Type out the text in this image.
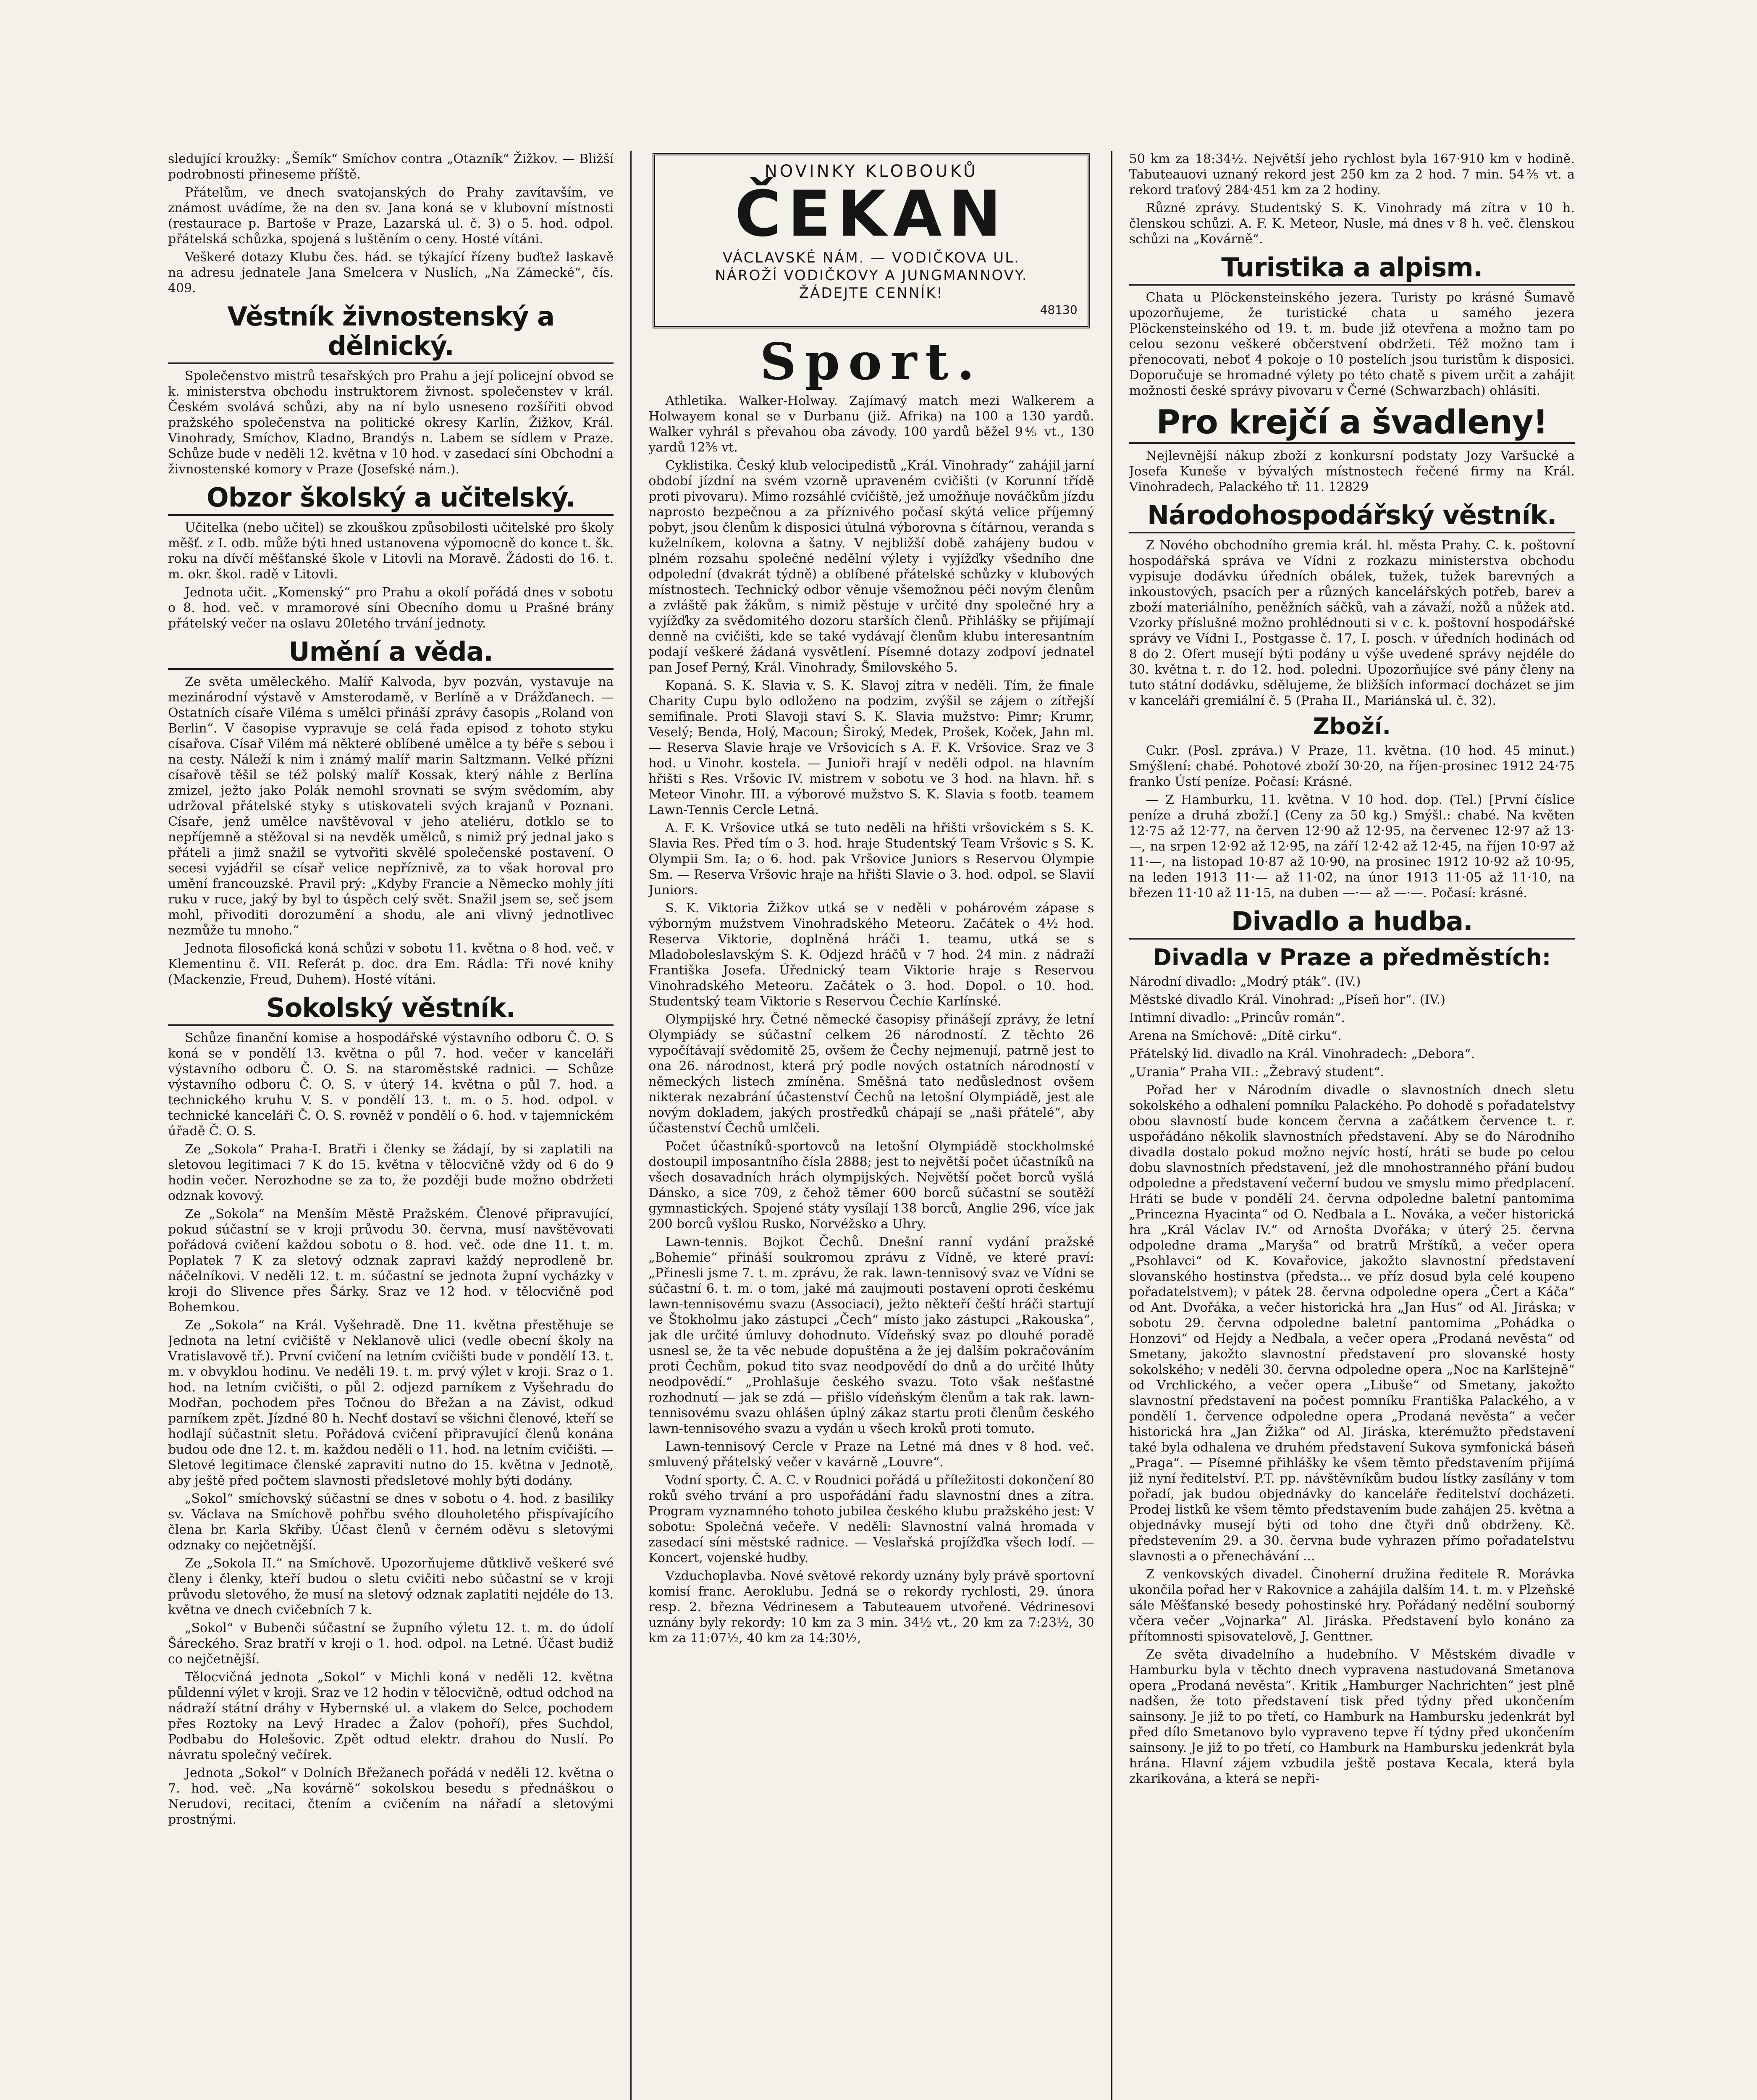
sledující kroužky: „Šemík“ Smíchov contra „Otazník“ Žižkov. — Bližší podrobnosti přineseme příště.

Přátelům, ve dnech svatojanských do Prahy zavítavším, ve známost uvádíme, že na den sv. Jana koná se v klubovní místnosti (restaurace p. Bartoše v Praze, Lazarská ul. č. 3) o 5. hod. odpol. přátelská schůzka, spojená s luštěním o ceny. Hosté vítáni.

Veškeré dotazy Klubu čes. hád. se týkající řízeny buďtež laskavě na adresu jednatele Jana Smelcera v Nuslích, „Na Zámecké“, čís. 409.

Věstník živnostenský a dělnický.

Společenstvo mistrů tesařských pro Prahu a její policejní obvod se k. ministerstva obchodu instruktorem živnost. společenstev v král. Českém svolává schůzi, aby na ní bylo usneseno rozšířiti obvod pražského společenstva na politické okresy Karlín, Žižkov, Král. Vinohrady, Smíchov, Kladno, Brandýs n. Labem se sídlem v Praze. Schůze bude v neděli 12. května v 10 hod. v zasedací síni Obchodní a živnostenské komory v Praze (Josefské nám.).

Obzor školský a učitelský.

Učitelka (nebo učitel) se zkouškou způsobilosti učitelské pro školy měšť. z I. odb. může býti hned ustanovena výpomocně do konce t. šk. roku na dívčí měšťanské škole v Litovli na Moravě. Žádosti do 16. t. m. okr. škol. radě v Litovli.

Jednota učit. „Komenský“ pro Prahu a okolí pořádá dnes v sobotu o 8. hod. več. v mramorové síni Obecního domu u Prašné brány přátelský večer na oslavu 20letého trvání jednoty.

Umění a věda.

Ze světa uměleckého. Malíř Kalvoda, byv pozván, vystavuje na mezinárodní výstavě v Amsterodamě, v Berlíně a v Drážďanech. — Ostatních císaře Viléma s umělci přináší zprávy časopis „Roland von Berlin“. V časopise vypravuje se celá řada episod z tohoto styku císařova. Císař Vilém má některé oblíbené umělce a ty béře s sebou i na cesty. Náleží k nim i známý malíř marin Saltzmann. Velké přízni císařově těšil se též polský malíř Kossak, který náhle z Berlína zmizel, ježto jako Polák nemohl srovnati se svým svědomím, aby udržoval přátelské styky s utiskovateli svých krajanů v Poznani. Císaře, jenž umělce navštěvoval v jeho ateliéru, dotklo se to nepříjemně a stěžoval si na nevděk umělců, s nimiž prý jednal jako s přáteli a jimž snažil se vytvořiti skvělé společenské postavení. O secesi vyjádřil se císař velice nepříznivě, za to však horoval pro umění francouzské. Pravil prý: „Kdyby Francie a Německo mohly jíti ruku v ruce, jaký by byl to úspěch celý svět. Snažil jsem se, seč jsem mohl, přivoditi dorozumění a shodu, ale ani vlivný jednotlivec nezmůže tu mnoho.“

Jednota filosofická koná schůzi v sobotu 11. května o 8 hod. več. v Klementinu č. VII. Referát p. doc. dra Em. Rádla: Tři nové knihy (Mackenzie, Freud, Duhem). Hosté vítáni.

Sokolský věstník.

Schůze finanční komise a hospodářské výstavního odboru Č. O. S koná se v pondělí 13. května o půl 7. hod. večer v kanceláři výstavního odboru Č. O. S. na staroměstské radnici. — Schůze výstavního odboru Č. O. S. v úterý 14. května o půl 7. hod. a technického kruhu V. S. v pondělí 13. t. m. o 5. hod. odpol. v technické kanceláři Č. O. S. rovněž v pondělí o 6. hod. v tajemnickém úřadě Č. O. S.

Ze „Sokola“ Praha-I. Bratři i členky se žádají, by si zaplatili na sletovou legitimaci 7 K do 15. května v tělocvičně vždy od 6 do 9 hodin večer. Nerozhodne se za to, že později bude možno obdržeti odznak kovový.

Ze „Sokola“ na Menším Městě Pražském. Členové připravující, pokud súčastní se v kroji průvodu 30. června, musí navštěvovati pořádová cvičení každou sobotu o 8. hod. več. ode dne 11. t. m. Poplatek 7 K za sletový odznak zapravi každý neprodleně br. náčelníkovi. V neděli 12. t. m. súčastní se jednota župní vycházky v kroji do Slivence přes Šárky. Sraz ve 12 hod. v tělocvičně pod Bohemkou.

Ze „Sokola“ na Král. Vyšehradě. Dne 11. května přestěhuje se Jednota na letní cvičiště v Neklanově ulici (vedle obecní školy na Vratislavově tř.). První cvičení na letním cvičišti bude v pondělí 13. t. m. v obvyklou hodinu. Ve neděli 19. t. m. prvý výlet v kroji. Sraz o 1. hod. na letním cvičišti, o půl 2. odjezd parníkem z Vyšehradu do Modřan, pochodem přes Točnou do Břežan a na Závist, odkud parníkem zpět. Jízdné 80 h. Nechť dostaví se všichni členové, kteří se hodlají súčastnit sletu. Pořádová cvičení připravující členů konána budou ode dne 12. t. m. každou neděli o 11. hod. na letním cvičišti. — Sletové legitimace členské zapraviti nutno do 15. května v Jednotě, aby ještě před počtem slavnosti předsletové mohly býti dodány.

„Sokol“ smíchovský súčastní se dnes v sobotu o 4. hod. z basiliky sv. Václava na Smíchově pohřbu svého dlouholetého přispívajícího člena br. Karla Skřiby. Účast členů v černém oděvu s sletovými odznaky co nejčetnější.

Ze „Sokola II.“ na Smíchově. Upozorňujeme důtklivě veškeré své členy i členky, kteří budou o sletu cvičiti nebo súčastní se v kroji průvodu sletového, že musí na sletový odznak zaplatiti nejdéle do 13. května ve dnech cvičebních 7 k.

„Sokol“ v Bubenči súčastní se župního výletu 12. t. m. do údolí Šáreckého. Sraz bratří v kroji o 1. hod. odpol. na Letné. Účast budiž co nejčetnější.

Tělocvičná jednota „Sokol“ v Michli koná v neděli 12. května půldenní výlet v kroji. Sraz ve 12 hodin v tělocvičně, odtud odchod na nádraží státní dráhy v Hybernské ul. a vlakem do Selce, pochodem přes Roztoky na Levý Hradec a Žalov (pohoří), přes Suchdol, Podbabu do Holešovic. Zpět odtud elektr. drahou do Nuslí. Po návratu společný večírek.

Jednota „Sokol“ v Dolních Břežanech pořádá v neděli 12. května o 7. hod. več. „Na kovárně“ sokolskou besedu s přednáškou o Nerudovi, recitaci, čtením a cvičením na nářadí a sletovými prostnými.

NOVINKY KLOBOUKŮ
ČEKAN
VÁCLAVSKÉ NÁM. — VODIČKOVA UL.
NÁROŽÍ VODIČKOVY A JUNGMANNOVY.
ŽÁDEJTE CENNÍK!
48130
Sport.

Athletika. Walker-Holway. Zajímavý match mezi Walkerem a Holwayem konal se v Durbanu (již. Afrika) na 100 a 130 yardů. Walker vyhrál s převahou oba závody. 100 yardů běžel 9⅘ vt., 130 yardů 12⅗ vt.

Cyklistika. Český klub velocipedistů „Král. Vinohrady“ zahájil jarní období jízdní na svém vzorně upraveném cvičišti (v Korunní třídě proti pivovaru). Mimo rozsáhlé cvičiště, jež umožňuje nováčkům jízdu naprosto bezpečnou a za příznivého počasí skýtá velice příjemný pobyt, jsou členům k disposici útulná výborovna s čítárnou, veranda s kuželníkem, kolovna a šatny. V nejbližší době zahájeny budou v plném rozsahu společné nedělní výlety i vyjížďky všedního dne odpolední (dvakrát týdně) a oblíbené přátelské schůzky v klubových místnostech. Technický odbor věnuje všemožnou péči novým členům a zvláště pak žákům, s nimiž pěstuje v určité dny společné hry a vyjížďky za svědomitého dozoru starších členů. Přihlášky se přijímají denně na cvičišti, kde se také vydávají členům klubu interesantním podají veškeré žádaná vysvětlení. Písemné dotazy zodpoví jednatel pan Josef Perný, Král. Vinohrady, Šmilovského 5.

Kopaná. S. K. Slavia v. S. K. Slavoj zítra v neděli. Tím, že finale Charity Cupu bylo odloženo na podzim, zvýšil se zájem o zítřejší semifinale. Proti Slavoji staví S. K. Slavia mužstvo: Pimr; Krumr, Veselý; Benda, Holý, Macoun; Široký, Medek, Prošek, Koček, Jahn ml. — Reserva Slavie hraje ve Vršovicích s A. F. K. Vršovice. Sraz ve 3 hod. u Vinohr. kostela. — Junioři hrají v neděli odpol. na hlavním hřišti s Res. Vršovic IV. mistrem v sobotu ve 3 hod. na hlavn. hř. s Meteor Vinohr. III. a výborové mužstvo S. K. Slavia s footb. teamem Lawn-Tennis Cercle Letná.

A. F. K. Vršovice utká se tuto neděli na hřišti vršovickém s S. K. Slavia Res. Před tím o 3. hod. hraje Studentský Team Vršovic s S. K. Olympii Sm. Ia; o 6. hod. pak Vršovice Juniors s Reservou Olympie Sm. — Reserva Vršovic hraje na hřišti Slavie o 3. hod. odpol. se Slavií Juniors.

S. K. Viktoria Žižkov utká se v neděli v pohárovém zápase s výborným mužstvem Vinohradského Meteoru. Začátek o 4½ hod. Reserva Viktorie, doplněná hráči 1. teamu, utká se s Mladoboleslavským S. K. Odjezd hráčů v 7 hod. 24 min. z nádraží Františka Josefa. Úřednický team Viktorie hraje s Reservou Vinohradského Meteoru. Začátek o 3. hod. Dopol. o 10. hod. Studentský team Viktorie s Reservou Čechie Karlínské.

Olympijské hry. Četné německé časopisy přinášejí zprávy, že letní Olympiády se súčastní celkem 26 národností. Z těchto 26 vypočítávají svědomitě 25, ovšem že Čechy nejmenují, patrně jest to ona 26. národnost, která prý podle nových ostatních národností v německých listech zmíněna. Směšná tato nedůslednost ovšem nikterak nezabrání účastenství Čechů na letošní Olympiádě, jest ale novým dokladem, jakých prostředků chápají se „naši přátelé“, aby účastenství Čechů umlčeli.

Počet účastníků-sportovců na letošní Olympiádě stockholmské dostoupil imposantního čísla 2888; jest to největší počet účastníků na všech dosavadních hrách olympijských. Největší počet borců vyšlá Dánsko, a sice 709, z čehož těmer 600 borců súčastní se soutěží gymnastických. Spojené státy vysílají 138 borců, Anglie 296, více jak 200 borců vyšlou Rusko, Norvéžsko a Uhry.

Lawn-tennis. Bojkot Čechů. Dnešní ranní vydání pražské „Bohemie“ přináší soukromou zprávu z Vídně, ve které praví: „Přinesli jsme 7. t. m. zprávu, že rak. lawn-tennisový svaz ve Vídni se súčastní 6. t. m. o tom, jaké má zaujmouti postavení oproti českému lawn-tennisovému svazu (Associaci), ježto někteří čeští hráči startují ve Štokholmu jako zástupci „Čech“ místo jako zástupci „Rakouska“, jak dle určité úmluvy dohodnuto. Vídeňský svaz po dlouhé poradě usnesl se, že ta věc nebude dopuštěna a že jej dalším pokračováním proti Čechům, pokud tito svaz neodpovědí do dnů a do určité lhůty neodpovědí.“ „Prohlašuje českého svazu. Toto však nešťastné rozhodnutí — jak se zdá — přišlo vídeňským členům a tak rak. lawn-tennisovému svazu ohlášen úplný zákaz startu proti členům českého lawn-tennisového svazu a vydán u všech kroků proti tomuto.

Lawn-tennisový Cercle v Praze na Letné má dnes v 8 hod. več. smluvený přátelský večer v kavárně „Louvre“.

Vodní sporty. Č. A. C. v Roudnici pořádá u příležitosti dokončení 80 roků svého trvání a pro uspořádání řadu slavnostní dnes a zítra. Program vyznamného tohoto jubilea českého klubu pražského jest: V sobotu: Společná večeře. V neděli: Slavnostní valná hromada v zasedací síni městské radnice. — Veslařská projížďka všech lodí. — Koncert, vojenské hudby.

Vzduchoplavba. Nové světové rekordy uznány byly právě sportovní komisí franc. Aeroklubu. Jedná se o rekordy rychlosti, 29. února resp. 2. března Védrinesem a Tabuteauem utvořené. Védrinesovi uznány byly rekordy: 10 km za 3 min. 34½ vt., 20 km za 7:23½, 30 km za 11:07½, 40 km za 14:30½,

50 km za 18:34½. Největší jeho rychlost byla 167·910 km v hodině. Tabuteauovi uznaný rekord jest 250 km za 2 hod. 7 min. 54⅖ vt. a rekord traťový 284·451 km za 2 hodiny.

Různé zprávy. Studentský S. K. Vinohrady má zítra v 10 h. členskou schůzi. A. F. K. Meteor, Nusle, má dnes v 8 h. več. členskou schůzi na „Kovárně“.

Turistika a alpism.

Chata u Plöckensteinského jezera. Turisty po krásné Šumavě upozorňujeme, že turistické chata u samého jezera Plöckensteinského od 19. t. m. bude již otevřena a možno tam po celou sezonu veškeré občerstvení obdržeti. Též možno tam i přenocovati, neboť 4 pokoje o 10 postelích jsou turistům k disposici. Doporučuje se hromadné výlety po této chatě s pivem určit a zahájit možnosti české správy pivovaru v Černé (Schwarzbach) ohlásiti.

Pro krejčí a švadleny!

Nejlevnější nákup zboží z konkursní podstaty Jozy Varšucké a Josefa Kuneše v bývalých místnostech řečené firmy na Král. Vinohradech, Palackého tř. 11. 12829

Národohospodářský věstník.

Z Nového obchodního gremia král. hl. města Prahy. C. k. poštovní hospodářská správa ve Vídni z rozkazu ministerstva obchodu vypisuje dodávku úředních obálek, tužek, tužek barevných a inkoustových, psacích per a různých kancelářských potřeb, barev a zboží materiálního, peněžních sáčků, vah a závaží, nožů a nůžek atd. Vzorky příslušné možno prohlédnouti si v c. k. poštovní hospodářské správy ve Vídni I., Postgasse č. 17, I. posch. v úředních hodinách od 8 do 2. Ofert musejí býti podány u výše uvedené správy nejdéle do 30. května t. r. do 12. hod. poledni. Upozorňujíce své pány členy na tuto státní dodávku, sdělujeme, že bližších informací docházet se jim v kanceláři gremiální č. 5 (Praha II., Mariánská ul. č. 32).

Zboží.

Cukr. (Posl. zpráva.) V Praze, 11. května. (10 hod. 45 minut.) Smýšlení: chabé. Pohotové zboží 30·20, na říjen-prosinec 1912 24·75 franko Ústí peníze. Počasí: Krásné.

— Z Hamburku, 11. května. V 10 hod. dop. (Tel.) [První číslice peníze a druhá zboží.] (Ceny za 50 kg.) Smýšl.: chabé. Na květen 12·75 až 12·77, na červen 12·90 až 12·95, na červenec 12·97 až 13·—, na srpen 12·92 až 12·95, na září 12·42 až 12·45, na říjen 10·97 až 11·—, na listopad 10·87 až 10·90, na prosinec 1912 10·92 až 10·95, na leden 1913 11·— až 11·02, na únor 1913 11·05 až 11·10, na březen 11·10 až 11·15, na duben —·— až —·—. Počasí: krásné.

Divadlo a hudba.
Divadla v Praze a předměstích:

Národní divadlo: „Modrý pták“. (IV.)

Městské divadlo Král. Vinohrad: „Píseň hor“. (IV.)

Intimní divadlo: „Princův román“.

Arena na Smíchově: „Dítě cirku“.

Přátelský lid. divadlo na Král. Vinohradech: „Debora“.

„Urania“ Praha VII.: „Žebravý student“.

Pořad her v Národním divadle o slavnostních dnech sletu sokolského a odhalení pomníku Palackého. Po dohodě s pořadatelstvy obou slavností bude koncem června a začátkem července t. r. uspořádáno několik slavnostních představení. Aby se do Národního divadla dostalo pokud možno nejvíc hostí, hráti se bude po celou dobu slavnostních představení, jež dle mnohostranného přání budou odpoledne a představení večerní budou ve smyslu mimo předplacení. Hráti se bude v pondělí 24. června odpoledne baletní pantomima „Princezna Hyacinta“ od O. Nedbala a L. Nováka, a večer historická hra „Král Václav IV.“ od Arnošta Dvořáka; v úterý 25. června odpoledne drama „Maryša“ od bratrů Mrštíků, a večer opera „Psohlavci“ od K. Kovařovice, jakožto slavnostní představení slovanského hostinstva (předsta... ve příz dosud byla celé koupeno pořadatelstvem); v pátek 28. června odpoledne opera „Čert a Káča“ od Ant. Dvořáka, a večer historická hra „Jan Hus“ od Al. Jiráska; v sobotu 29. června odpoledne baletní pantomima „Pohádka o Honzovi“ od Hejdy a Nedbala, a večer opera „Prodaná nevěsta“ od Smetany, jakožto slavnostní představení pro slovanské hosty sokolského; v neděli 30. června odpoledne opera „Noc na Karlštejně“ od Vrchlického, a večer opera „Libuše“ od Smetany, jakožto slavnostní představení na počest pomníku Františka Palackého, a v pondělí 1. července odpoledne opera „Prodaná nevěsta“ a večer historická hra „Jan Žižka“ od Al. Jiráska, kterémužto představení také byla odhalena ve druhém představení Sukova symfonická báseň „Praga“. — Písemné přihlášky ke všem těmto představením přijímá již nyní ředitelství. P.T. pp. návštěvníkům budou lístky zasílány v tom pořadí, jak budou objednávky do kanceláře ředitelství docházeti. Prodej listků ke všem těmto představením bude zahájen 25. května a objednávky musejí býti od toho dne čtyři dnů obdrženy. Kč. předstevením 29. a 30. června bude vyhrazen přímo pořadatelstvu slavnosti a o přenechávání ...

Z venkovských divadel. Činoherní družina ředitele R. Morávka ukončila pořad her v Rakovnice a zahájila dalším 14. t. m. v Plzeňské sále Měšťanské besedy pohostinské hry. Pořádaný nedělní souborný včera večer „Vojnarka“ Al. Jiráska. Představení bylo konáno za přítomnosti spisovatelově, J. Genttner.

Ze světa divadelního a hudebního. V Městském divadle v Hamburku byla v těchto dnech vypravena nastudovaná Smetanova opera „Prodaná nevěsta“. Kritik „Hamburger Nachrichten“ jest plně nadšen, že toto představení tisk před týdny před ukončením sainsony. Je již to po třetí, co Hamburk na Hambursku jedenkrát byl před dílo Smetanovo bylo vypraveno tepve ří týdny před ukončením sainsony. Je již to po třetí, co Hamburk na Hambursku jedenkrát byla hrána. Hlavní zájem vzbudila ještě postava Kecala, která byla zkarikována, a která se nepři-
